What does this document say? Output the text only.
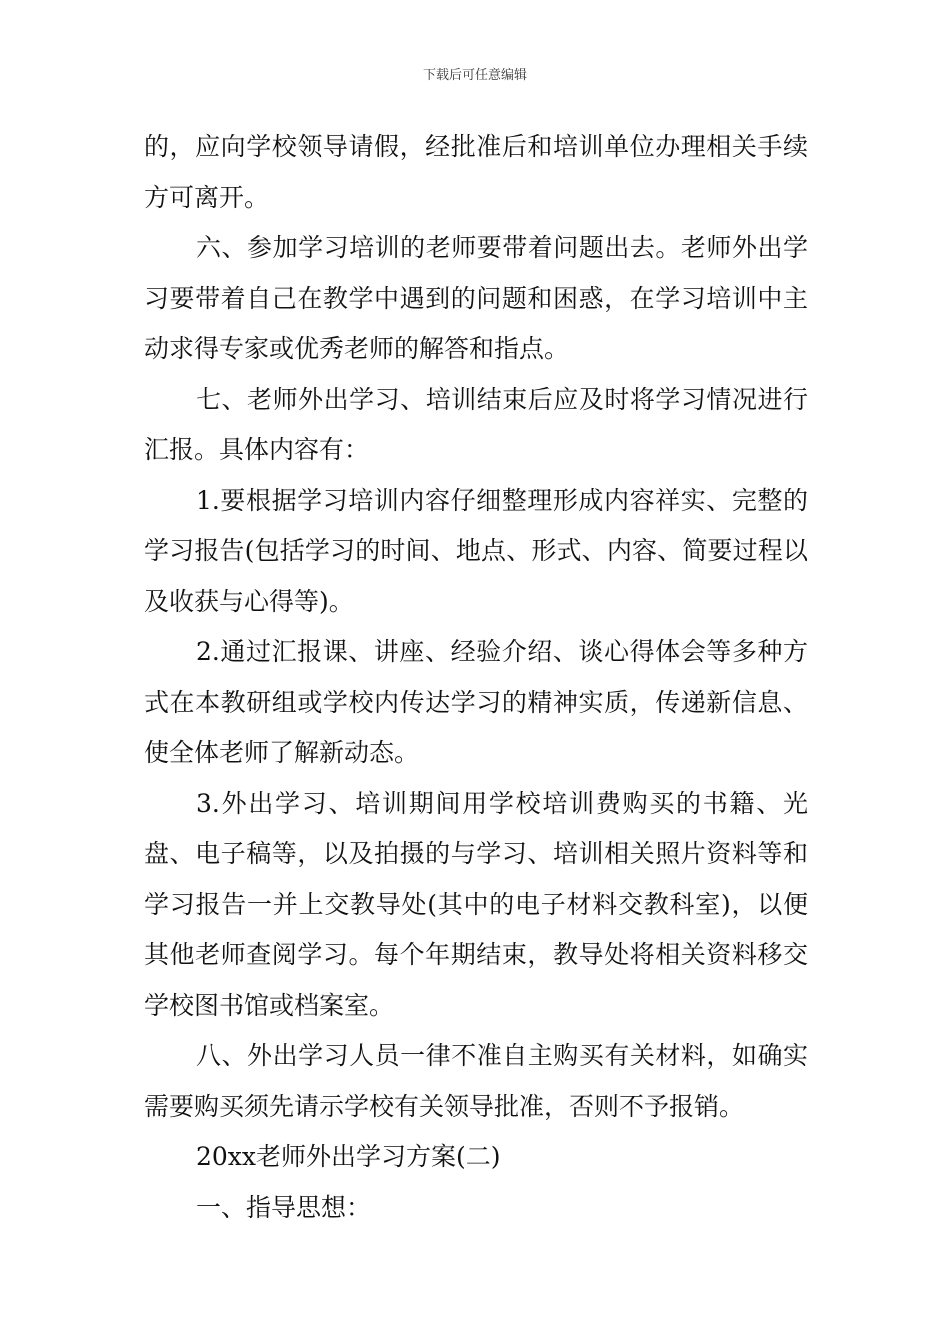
下载后可任意编辑

的，应向学校领导请假，经批准后和培训单位办理相关手续方可离开。

六、参加学习培训的老师要带着问题出去。老师外出学习要带着自己在教学中遇到的问题和困惑，在学习培训中主动求得专家或优秀老师的解答和指点。

七、老师外出学习、培训结束后应及时将学习情况进行汇报。具体内容有：

1.要根据学习培训内容仔细整理形成内容祥实、完整的学习报告(包括学习的时间、地点、形式、内容、简要过程以及收获与心得等)。

2.通过汇报课、讲座、经验介绍、谈心得体会等多种方式在本教研组或学校内传达学习的精神实质，传递新信息、使全体老师了解新动态。

3.外出学习、培训期间用学校培训费购买的书籍、光盘、电子稿等，以及拍摄的与学习、培训相关照片资料等和学习报告一并上交教导处(其中的电子材料交教科室)，以便其他老师查阅学习。每个年期结束，教导处将相关资料移交学校图书馆或档案室。

八、外出学习人员一律不准自主购买有关材料，如确实需要购买须先请示学校有关领导批准，否则不予报销。

20xx老师外出学习方案(二)

一、指导思想：
